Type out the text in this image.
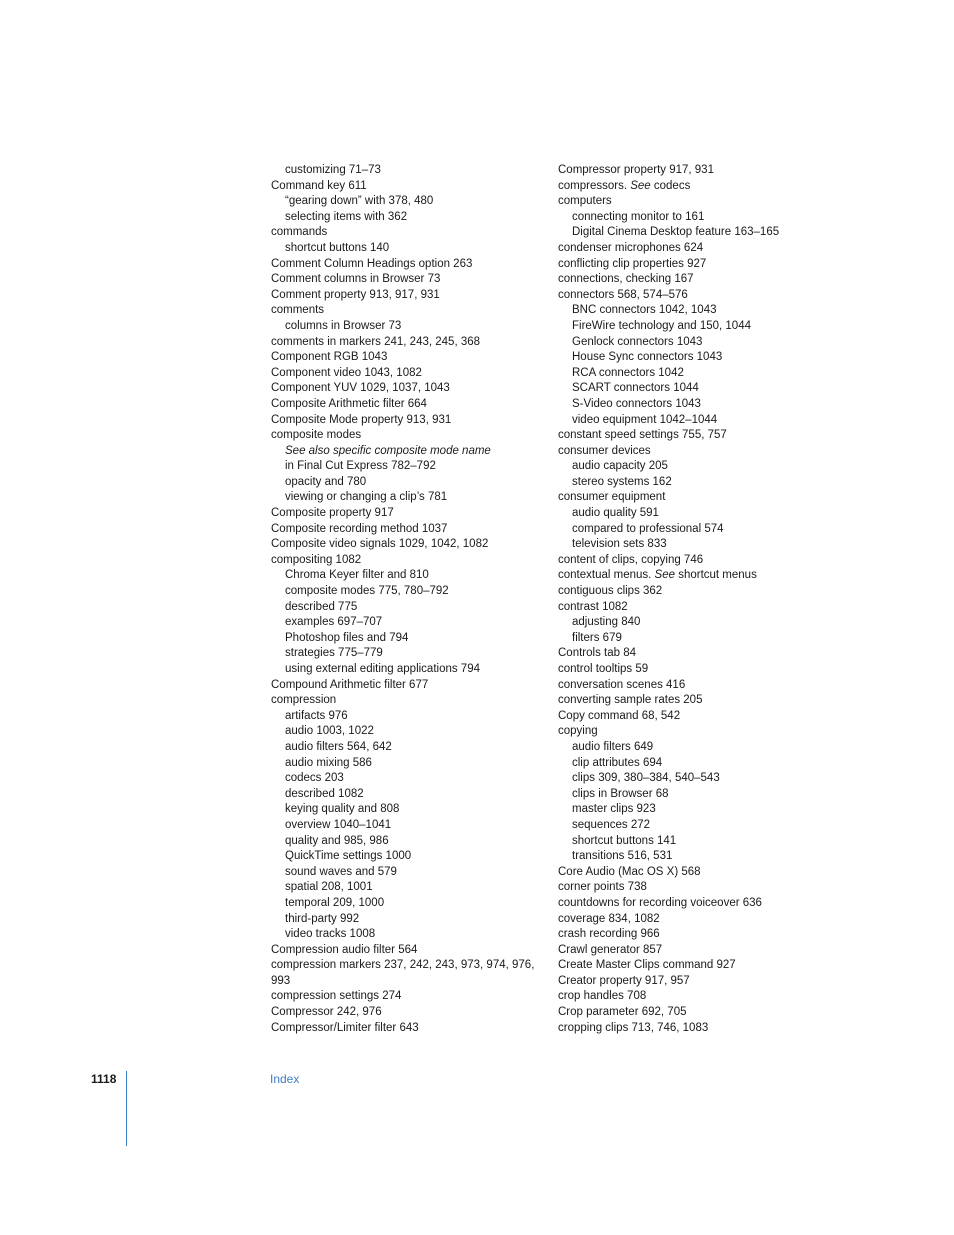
customizing 71–73
Command key 611
“gearing down” with 378, 480
selecting items with 362
commands
shortcut buttons 140
Comment Column Headings option 263
Comment columns in Browser 73
Comment property 913, 917, 931
comments
columns in Browser 73
comments in markers 241, 243, 245, 368
Component RGB 1043
Component video 1043, 1082
Component YUV 1029, 1037, 1043
Composite Arithmetic filter 664
Composite Mode property 913, 931
composite modes
See also specific composite mode name
in Final Cut Express 782–792
opacity and 780
viewing or changing a clip’s 781
Composite property 917
Composite recording method 1037
Composite video signals 1029, 1042, 1082
compositing 1082
Chroma Keyer filter and 810
composite modes 775, 780–792
described 775
examples 697–707
Photoshop files and 794
strategies 775–779
using external editing applications 794
Compound Arithmetic filter 677
compression
artifacts 976
audio 1003, 1022
audio filters 564, 642
audio mixing 586
codecs 203
described 1082
keying quality and 808
overview 1040–1041
quality and 985, 986
QuickTime settings 1000
sound waves and 579
spatial 208, 1001
temporal 209, 1000
third-party 992
video tracks 1008
Compression audio filter 564
compression markers 237, 242, 243, 973, 974, 976, 993
compression settings 274
Compressor 242, 976
Compressor/Limiter filter 643
Compressor property 917, 931
compressors. See codecs
computers
connecting monitor to 161
Digital Cinema Desktop feature 163–165
condenser microphones 624
conflicting clip properties 927
connections, checking 167
connectors 568, 574–576
BNC connectors 1042, 1043
FireWire technology and 150, 1044
Genlock connectors 1043
House Sync connectors 1043
RCA connectors 1042
SCART connectors 1044
S-Video connectors 1043
video equipment 1042–1044
constant speed settings 755, 757
consumer devices
audio capacity 205
stereo systems 162
consumer equipment
audio quality 591
compared to professional 574
television sets 833
content of clips, copying 746
contextual menus. See shortcut menus
contiguous clips 362
contrast 1082
adjusting 840
filters 679
Controls tab 84
control tooltips 59
conversation scenes 416
converting sample rates 205
Copy command 68, 542
copying
audio filters 649
clip attributes 694
clips 309, 380–384, 540–543
clips in Browser 68
master clips 923
sequences 272
shortcut buttons 141
transitions 516, 531
Core Audio (Mac OS X) 568
corner points 738
countdowns for recording voiceover 636
coverage 834, 1082
crash recording 966
Crawl generator 857
Create Master Clips command 927
Creator property 917, 957
crop handles 708
Crop parameter 692, 705
cropping clips 713, 746, 1083
1118	Index
